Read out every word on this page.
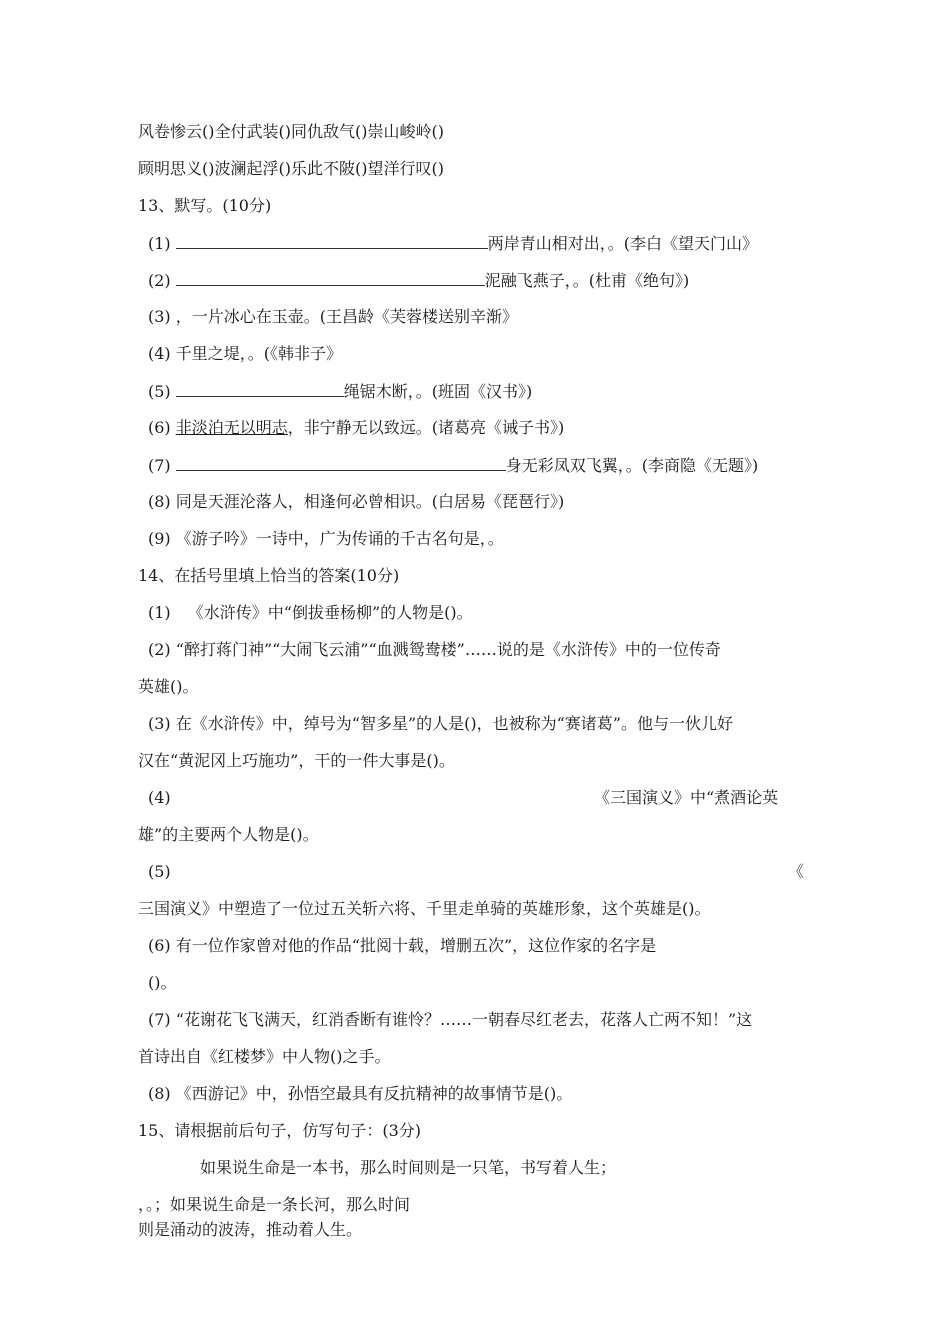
风卷惨云()全付武装()同仇敌气()崇山峻岭()
顾明思义()波澜起浮()乐此不陂()望洋行叹()
13、默写。(10分)
(1)	两岸青山相对出，。(李白《望天门山》
(2)	泥融飞燕子，。(杜甫《绝句》)
(3) ，一片冰心在玉壶。(王昌龄《芙蓉楼送别辛渐》
(4) 千里之堤，。(《韩非子》
(5)	绳锯木断，。(班固《汉书》)
(6) 非淡泊无以明志，非宁静无以致远。(诸葛亮《诫子书》)
(7)	身无彩凤双飞翼，。(李商隐《无题》)
(8) 同是天涯沦落人，相逢何必曾相识。(白居易《琵琶行》)
(9) 《游子吟》一诗中，广为传诵的千古名句是，。
14、在括号里填上恰当的答案(10分)
(1) 《水浒传》中“倒拔垂杨柳”的人物是()。
(2) “醉打蒋门神”“大闹飞云浦”“血溅鸳鸯楼”……说的是《水浒传》中的一位传奇
英雄()。
(3) 在《水浒传》中，绰号为“智多星”的人是()，也被称为“赛诸葛”。他与一伙儿好
汉在“黄泥冈上巧施功”，干的一件大事是()。
(4)	《三国演义》中“煮酒论英
雄”的主要两个人物是()。
(5)	《
三国演义》中塑造了一位过五关斩六将、千里走单骑的英雄形象，这个英雄是()。
(6) 有一位作家曾对他的作品“批阅十载，增删五次”，这位作家的名字是
()。
(7) “花谢花飞飞满天，红消香断有谁怜？……一朝春尽红老去，花落人亡两不知！”这
首诗出自《红楼梦》中人物()之手。
(8) 《西游记》中，孙悟空最具有反抗精神的故事情节是()。
15、请根据前后句子，仿写句子：(3分)
如果说生命是一本书，那么时间则是一只笔，书写着人生；
，。；如果说生命是一条长河，那么时间
则是涌动的波涛，推动着人生。
